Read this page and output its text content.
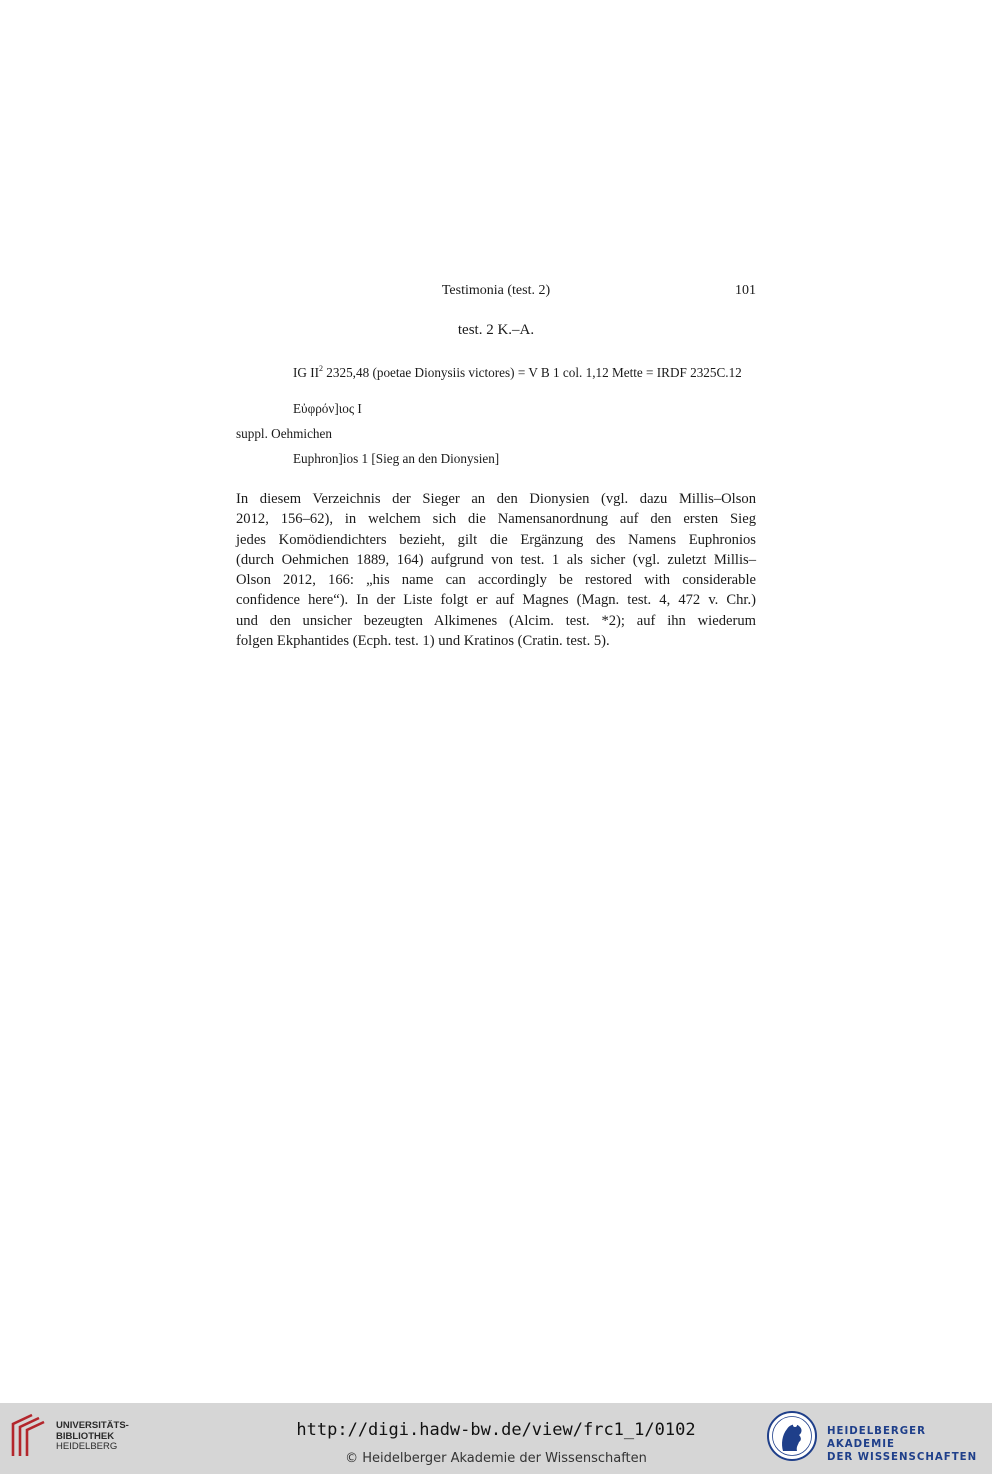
Testimonia (test. 2)	101
test. 2 K.–A.
IG $II^2$ 2325,48 (poetae Dionysiis victores) = V B 1 col. 1,12 Mette = IRDF 2325C.12
Εὐφρόν]ιος Ι
suppl. Oehmichen
Euphron]ios 1 [Sieg an den Dionysien]
In diesem Verzeichnis der Sieger an den Dionysien (vgl. dazu Millis–Olson
2012, 156–62), in welchem sich die Namensanordnung auf den ersten Sieg
jedes Komödiendichters bezieht, gilt die Ergänzung des Namens Euphronios
(durch Oehmichen 1889, 164) aufgrund von test. 1 als sicher (vgl. zuletzt Millis–
Olson 2012, 166: „his name can accordingly be restored with considerable
confidence here“). In der Liste folgt er auf Magnes (Magn. test. 4, 472 v. Chr.)
und den unsicher bezeugten Alkimenes (Alcim. test. *2); auf ihn wiederum
folgen Ekphantides (Ecph. test. 1) und Kratinos (Cratin. test. 5).
UNIVERSITÄTS-
BIBLIOTHEK
HEIDELBERG
http://digi.hadw-bw.de/view/frc1_1/0102
© Heidelberger Akademie der Wissenschaften
HEIDELBERGER AKADEMIE
DER WISSENSCHAFTEN
